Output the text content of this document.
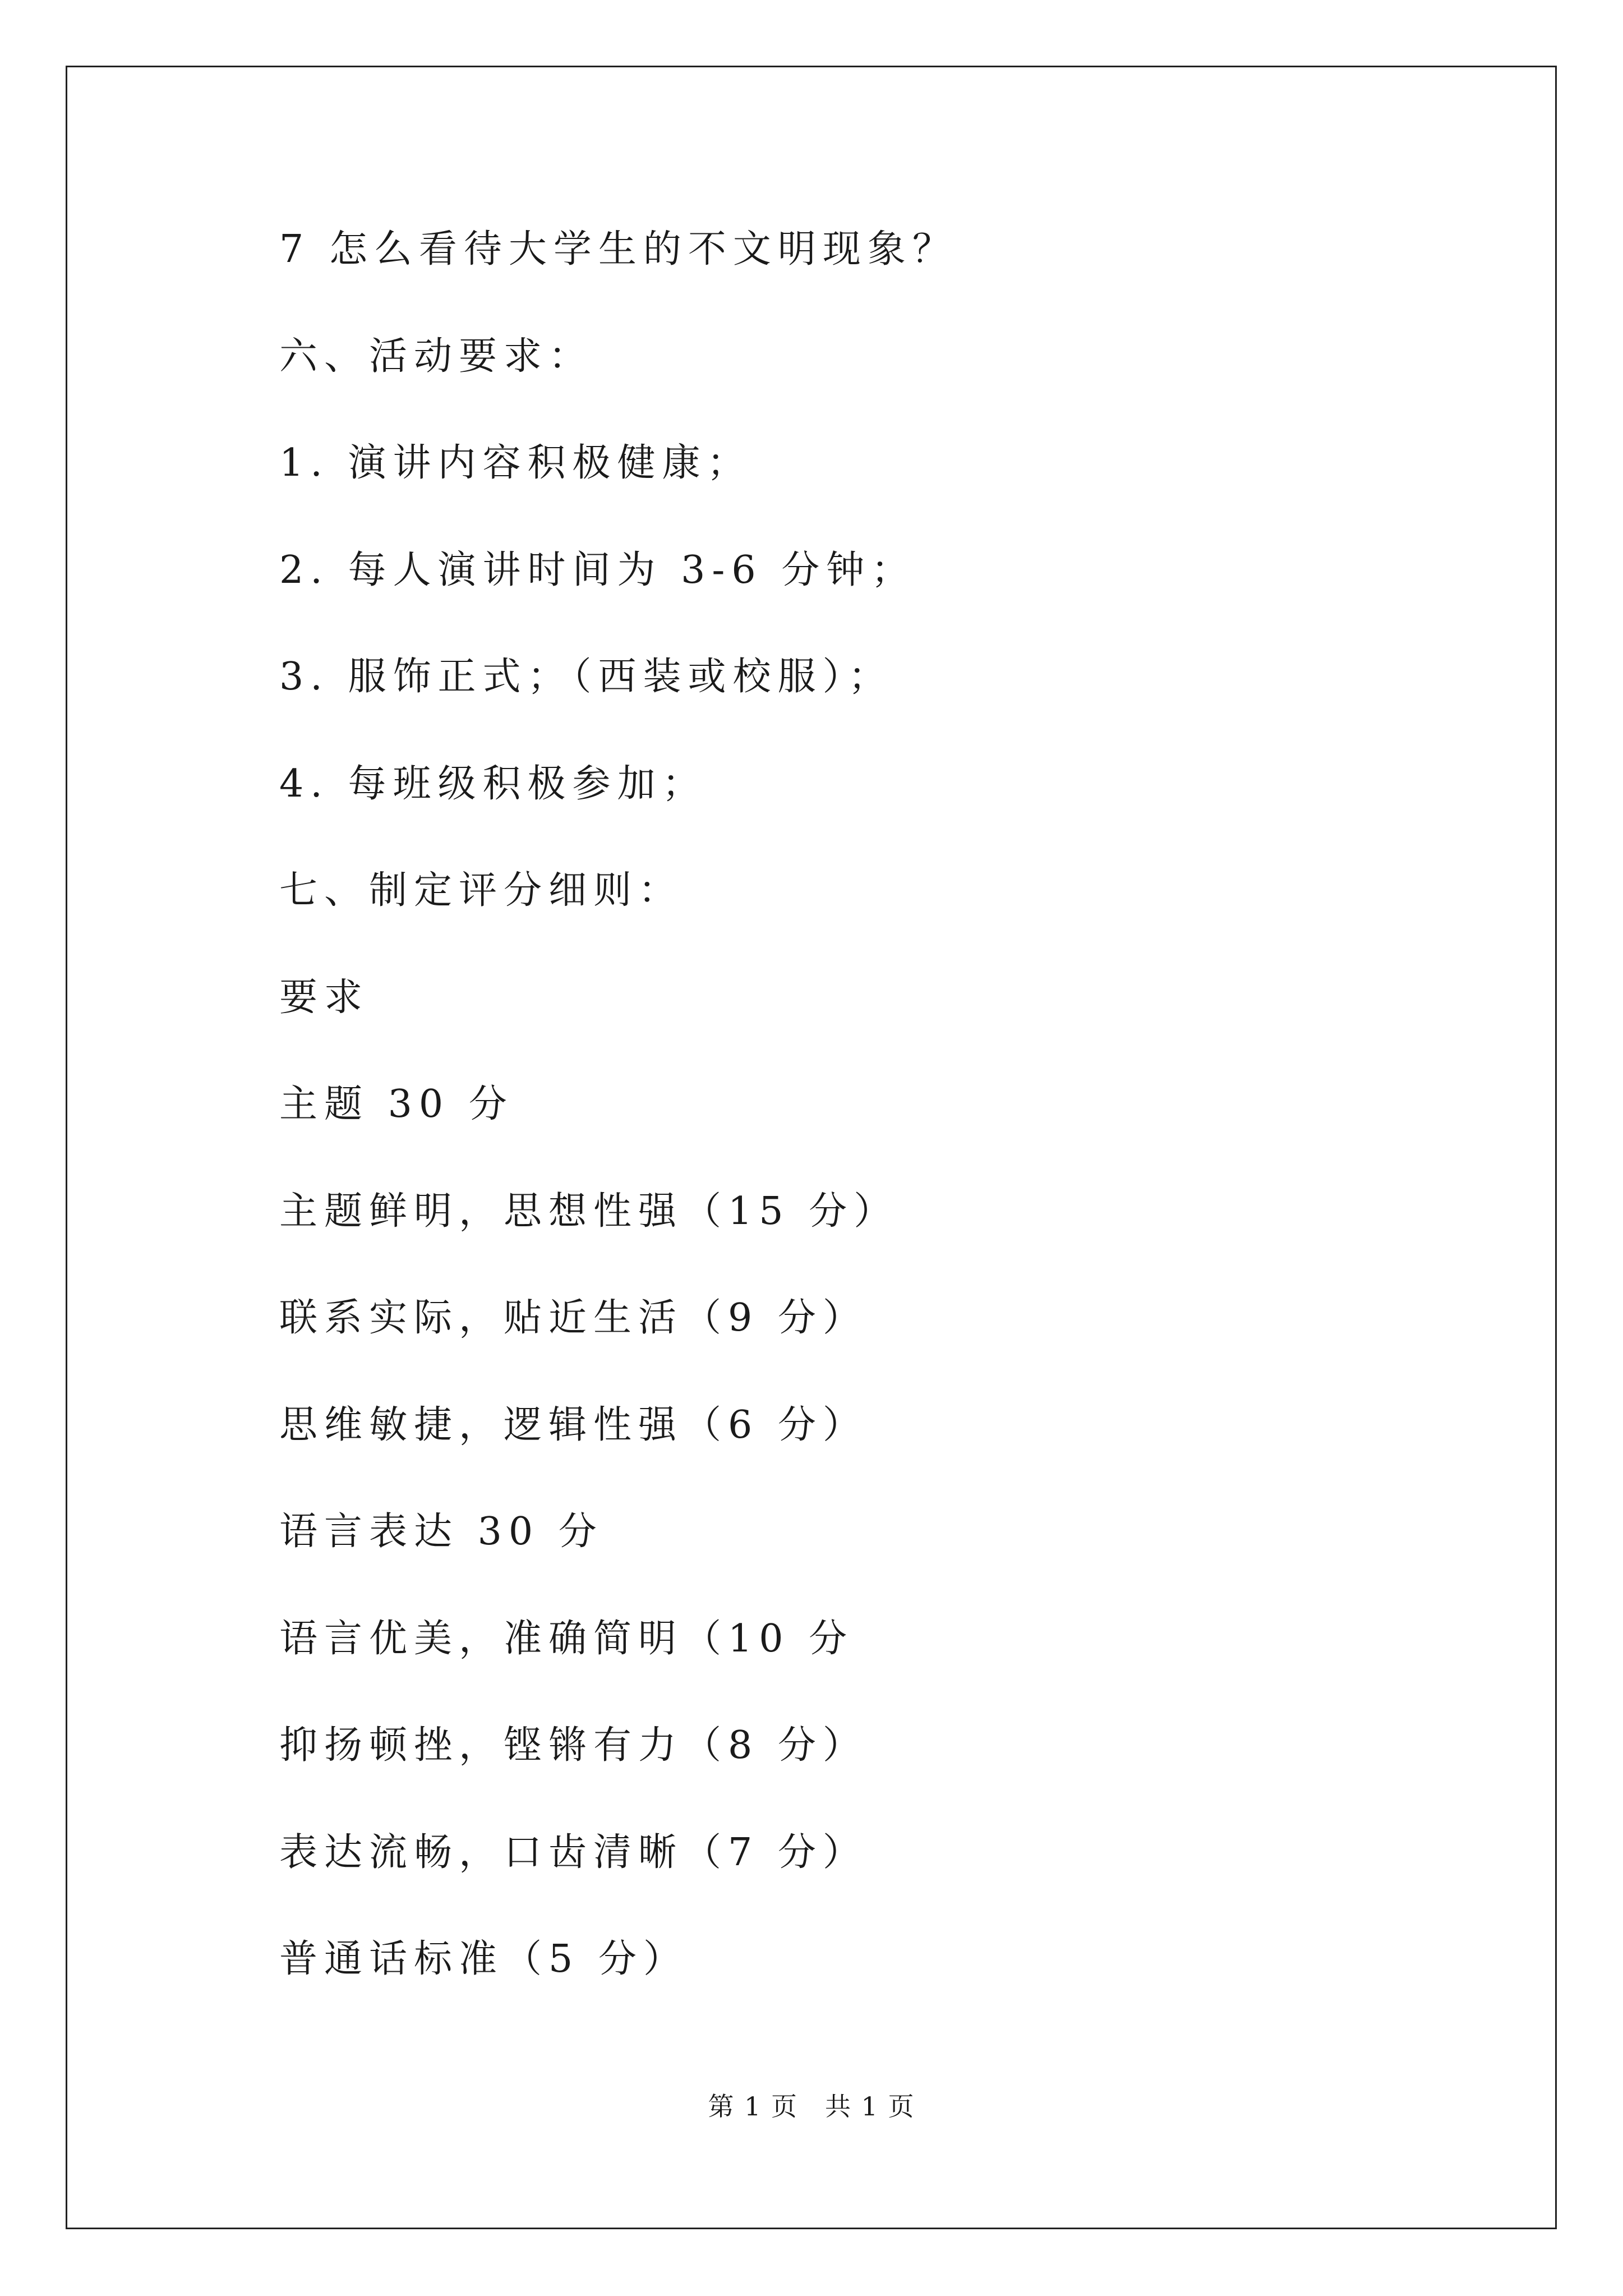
7 怎么看待大学生的不文明现象？
六、活动要求：
1. 演讲内容积极健康；
2. 每人演讲时间为 3-6 分钟；
3. 服饰正式；（西装或校服）；
4. 每班级积极参加；
七、制定评分细则：
要求
主题 30 分
主题鲜明，思想性强（15 分）
联系实际，贴近生活（9 分）
思维敏捷，逻辑性强（6 分）
语言表达 30 分
语言优美，准确简明（10 分
抑扬顿挫，铿锵有力（8 分）
表达流畅，口齿清晰（7 分）
普通话标准（5 分）
第 1 页　共 1 页
